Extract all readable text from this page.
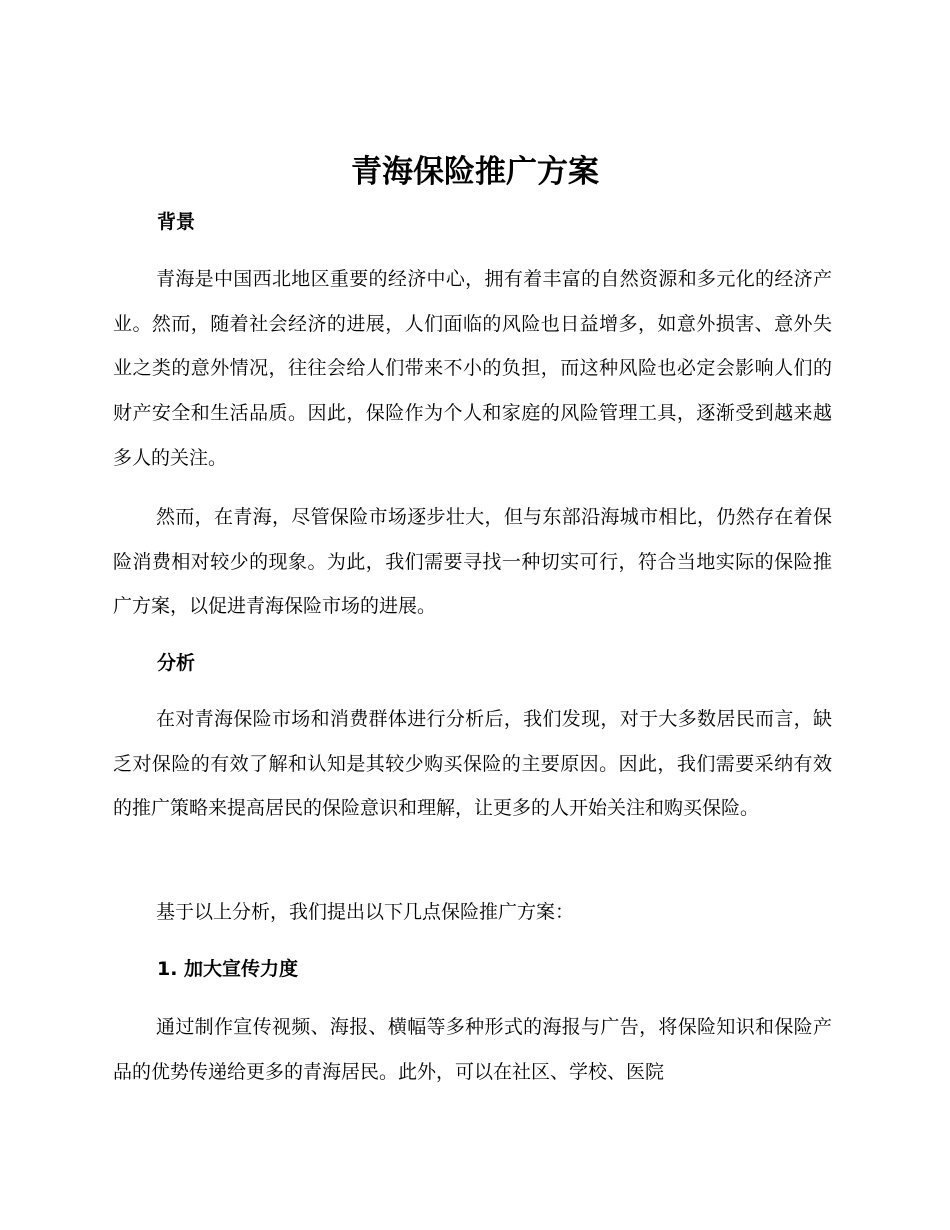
青海保险推广方案
背景

青海是中国西北地区重要的经济中心，拥有着丰富的自然资源和多元化的经济产业。然而，随着社会经济的进展，人们面临的风险也日益增多，如意外损害、意外失业之类的意外情况，往往会给人们带来不小的负担，而这种风险也必定会影响人们的财产安全和生活品质。因此，保险作为个人和家庭的风险管理工具，逐渐受到越来越多人的关注。

然而，在青海，尽管保险市场逐步壮大，但与东部沿海城市相比，仍然存在着保险消费相对较少的现象。为此，我们需要寻找一种切实可行，符合当地实际的保险推广方案，以促进青海保险市场的进展。

分析

在对青海保险市场和消费群体进行分析后，我们发现，对于大多数居民而言，缺乏对保险的有效了解和认知是其较少购买保险的主要原因。因此，我们需要采纳有效的推广策略来提高居民的保险意识和理解，让更多的人开始关注和购买保险。

基于以上分析，我们提出以下几点保险推广方案：

1. 加大宣传力度

通过制作宣传视频、海报、横幅等多种形式的海报与广告，将保险知识和保险产品的优势传递给更多的青海居民。此外，可以在社区、学校、医院
